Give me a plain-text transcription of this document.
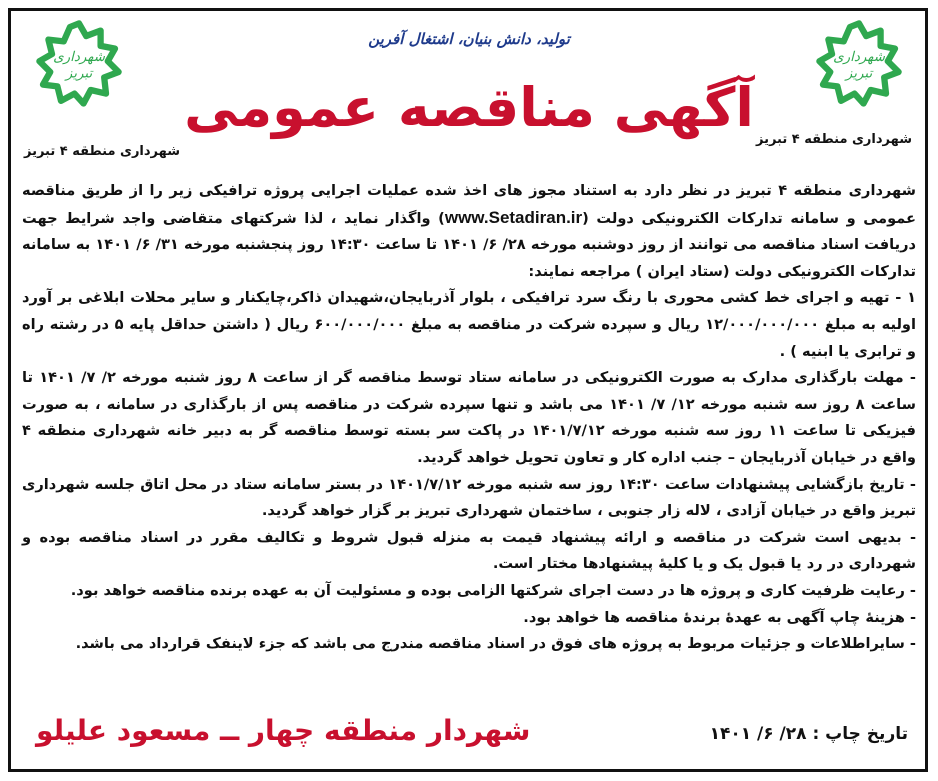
شهرداری
تبریز
شهرداری منطقه ۴ تبریز
شهرداری
تبریز
شهرداری منطقه ۴ تبریز
تولید، دانش بنیان، اشتغال آفرین
آگهی مناقصه عمومی

شهرداری منطقه ۴ تبریز در نظر دارد به استناد مجوز های اخذ شده عملیات اجرایی پروژه ترافیکی زیر را از طریق مناقصه عمومی و سامانه تدارکات الکترونیکی دولت (www.Setadiran.ir) واگذار نماید ، لذا شرکتهای متقاضی واجد شرایط جهت دریافت اسناد مناقصه می توانند از روز دوشنبه مورخه ۲۸/ ۶/ ۱۴۰۱ تا ساعت ۱۴:۳۰ روز پنجشنبه مورخه ۳۱/ ۶/ ۱۴۰۱ به سامانه تدارکات الکترونیکی دولت (ستاد ایران ) مراجعه نمایند:

۱ - تهیه و اجرای خط کشی محوری با رنگ سرد ترافیکی ، بلوار آذربایجان،شهیدان ذاکر،چایکنار و سایر محلات ابلاغی بر آورد اولیه به مبلغ ۱۲/۰۰۰/۰۰۰/۰۰۰ ریال و سپرده شرکت در مناقصه به مبلغ ۶۰۰/۰۰۰/۰۰۰ ریال ( داشتن حداقل پایه ۵ در رشته راه و ترابری یا ابنیه ) .

- مهلت بارگذاری مدارک به صورت الکترونیکی در سامانه ستاد توسط مناقصه گر از ساعت ۸ روز شنبه مورخه ۲/ ۷/ ۱۴۰۱ تا ساعت ۸ روز سه شنبه مورخه ۱۲/ ۷/ ۱۴۰۱ می باشد و تنها سپرده شرکت در مناقصه پس از بارگذاری در سامانه ، به صورت فیزیکی تا ساعت ۱۱ روز سه شنبه مورخه ۱۴۰۱/۷/۱۲ در پاکت سر بسته توسط مناقصه گر به دبیر خانه شهرداری منطقه ۴ واقع در خیابان آذربایجان – جنب اداره کار و تعاون تحویل خواهد گردید.

- تاریخ بازگشایی پیشنهادات ساعت ۱۴:۳۰ روز سه شنبه مورخه ۱۴۰۱/۷/۱۲ در بستر سامانه ستاد در محل اتاق جلسه شهرداری تبریز واقع در خیابان آزادی ، لاله زار جنوبی ، ساختمان شهرداری تبریز بر گزار خواهد گردید.

- بدیهی است شرکت در مناقصه و ارائه پیشنهاد قیمت به منزله قبول شروط و تکالیف مقرر در اسناد مناقصه بوده و شهرداری در رد یا قبول یک و یا کلیهٔ پیشنهادها مختار است.

- رعایت ظرفیت کاری و پروژه ها در دست اجرای شرکتها الزامی بوده و مسئولیت آن به عهده برنده مناقصه خواهد بود.

- هزینهٔ چاپ آگهی به عهدهٔ برندهٔ مناقصه ها خواهد بود.

- سایراطلاعات و جزئیات مربوط به پروژه های فوق در اسناد مناقصه مندرج می باشد که جزء لاینفک قرارداد می باشد.

شهردار منطقه چهار ــ مسعود علیلو	تاریخ چاپ : ۲۸/ ۶/ ۱۴۰۱
